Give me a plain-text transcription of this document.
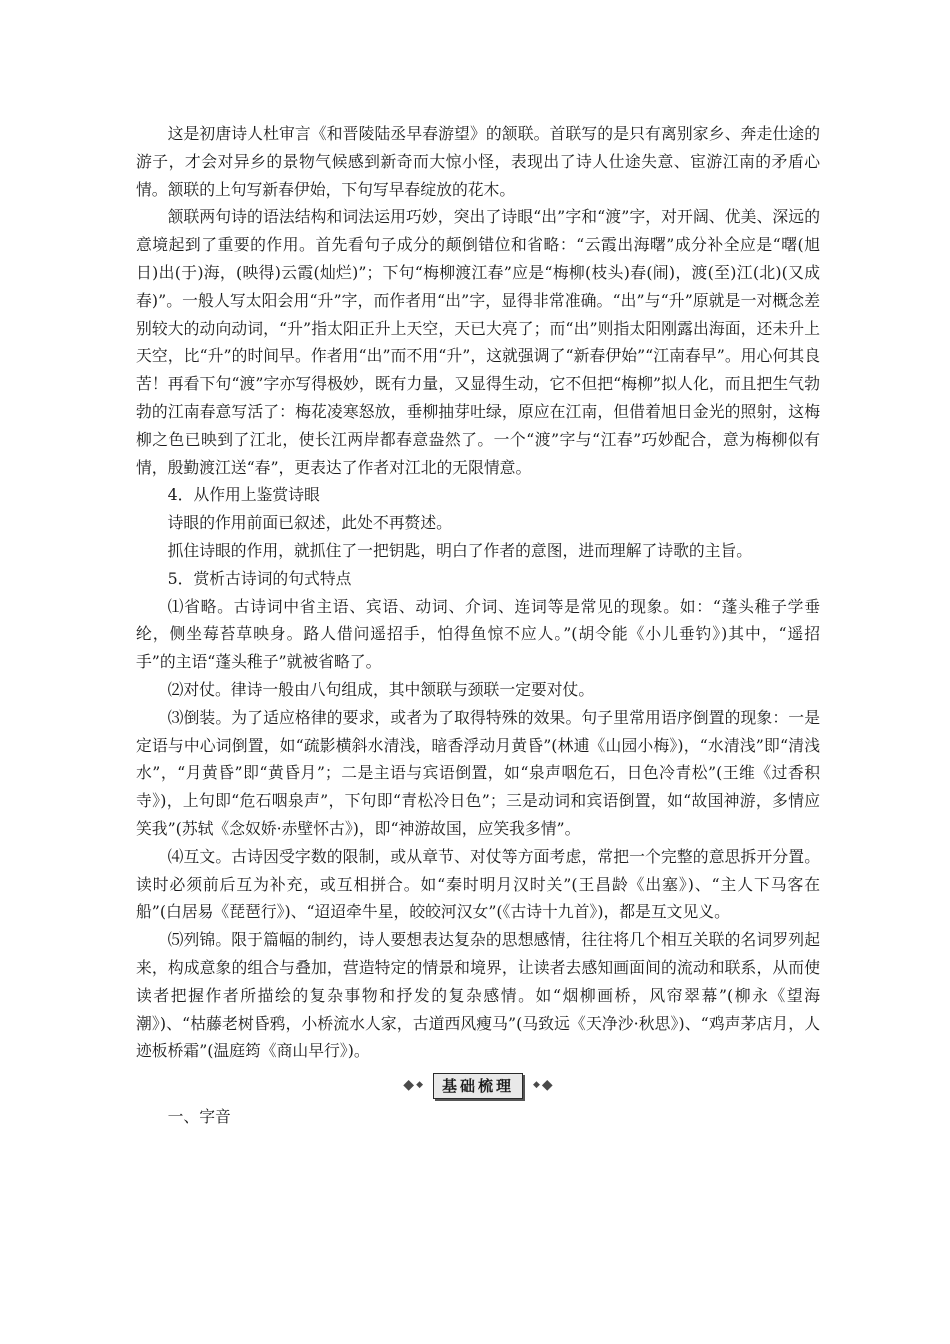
这是初唐诗人杜审言《和晋陵陆丞早春游望》的颔联。首联写的是只有离别家乡、奔走仕途的游子，才会对异乡的景物气候感到新奇而大惊小怪，表现出了诗人仕途失意、宦游江南的矛盾心情。颔联的上句写新春伊始，下句写早春绽放的花木。

颔联两句诗的语法结构和词法运用巧妙，突出了诗眼“出”字和“渡”字，对开阔、优美、深远的意境起到了重要的作用。首先看句子成分的颠倒错位和省略：“云霞出海曙”成分补全应是“曙(旭日)出(于)海，(映得)云霞(灿烂)”；下句“梅柳渡江春”应是“梅柳(枝头)春(闹)，渡(至)江(北)(又成春)”。一般人写太阳会用“升”字，而作者用“出”字，显得非常准确。“出”与“升”原就是一对概念差别较大的动向动词，“升”指太阳正升上天空，天已大亮了；而“出”则指太阳刚露出海面，还未升上天空，比“升”的时间早。作者用“出”而不用“升”，这就强调了“新春伊始”“江南春早”。用心何其良苦！再看下句“渡”字亦写得极妙，既有力量，又显得生动，它不但把“梅柳”拟人化，而且把生气勃勃的江南春意写活了：梅花凌寒怒放，垂柳抽芽吐绿，原应在江南，但借着旭日金光的照射，这梅柳之色已映到了江北，使长江两岸都春意盎然了。一个“渡”字与“江春”巧妙配合，意为梅柳似有情，殷勤渡江送“春”，更表达了作者对江北的无限情意。

4．从作用上鉴赏诗眼

诗眼的作用前面已叙述，此处不再赘述。

抓住诗眼的作用，就抓住了一把钥匙，明白了作者的意图，进而理解了诗歌的主旨。

5．赏析古诗词的句式特点

⑴省略。古诗词中省主语、宾语、动词、介词、连词等是常见的现象。如：“蓬头稚子学垂纶，侧坐莓苔草映身。路人借问遥招手，怕得鱼惊不应人。”(胡令能《小儿垂钓》)其中，“遥招手”的主语“蓬头稚子”就被省略了。

⑵对仗。律诗一般由八句组成，其中颔联与颈联一定要对仗。

⑶倒装。为了适应格律的要求，或者为了取得特殊的效果。句子里常用语序倒置的现象：一是定语与中心词倒置，如“疏影横斜水清浅，暗香浮动月黄昏”(林逋《山园小梅》)，“水清浅”即“清浅水”，“月黄昏”即“黄昏月”；二是主语与宾语倒置，如“泉声咽危石，日色冷青松”(王维《过香积寺》)，上句即“危石咽泉声”，下句即“青松冷日色”；三是动词和宾语倒置，如“故国神游，多情应笑我”(苏轼《念奴娇·赤壁怀古》)，即“神游故国，应笑我多情”。

⑷互文。古诗因受字数的限制，或从章节、对仗等方面考虑，常把一个完整的意思拆开分置。读时必须前后互为补充，或互相拼合。如“秦时明月汉时关”(王昌龄《出塞》)、“主人下马客在船”(白居易《琵琶行》)、“迢迢牵牛星，皎皎河汉女”(《古诗十九首》)，都是互文见义。

⑸列锦。限于篇幅的制约，诗人要想表达复杂的思想感情，往往将几个相互关联的名词罗列起来，构成意象的组合与叠加，营造特定的情景和境界，让读者去感知画面间的流动和联系，从而使读者把握作者所描绘的复杂事物和抒发的复杂感情。如“烟柳画桥，风帘翠幕”(柳永《望海潮》)、“枯藤老树昏鸦，小桥流水人家，古道西风瘦马”(马致远《天净沙·秋思》)、“鸡声茅店月，人迹板桥霜”(温庭筠《商山早行》)。

◆ ◆	基础梳理	◆ ◆

一、字音
